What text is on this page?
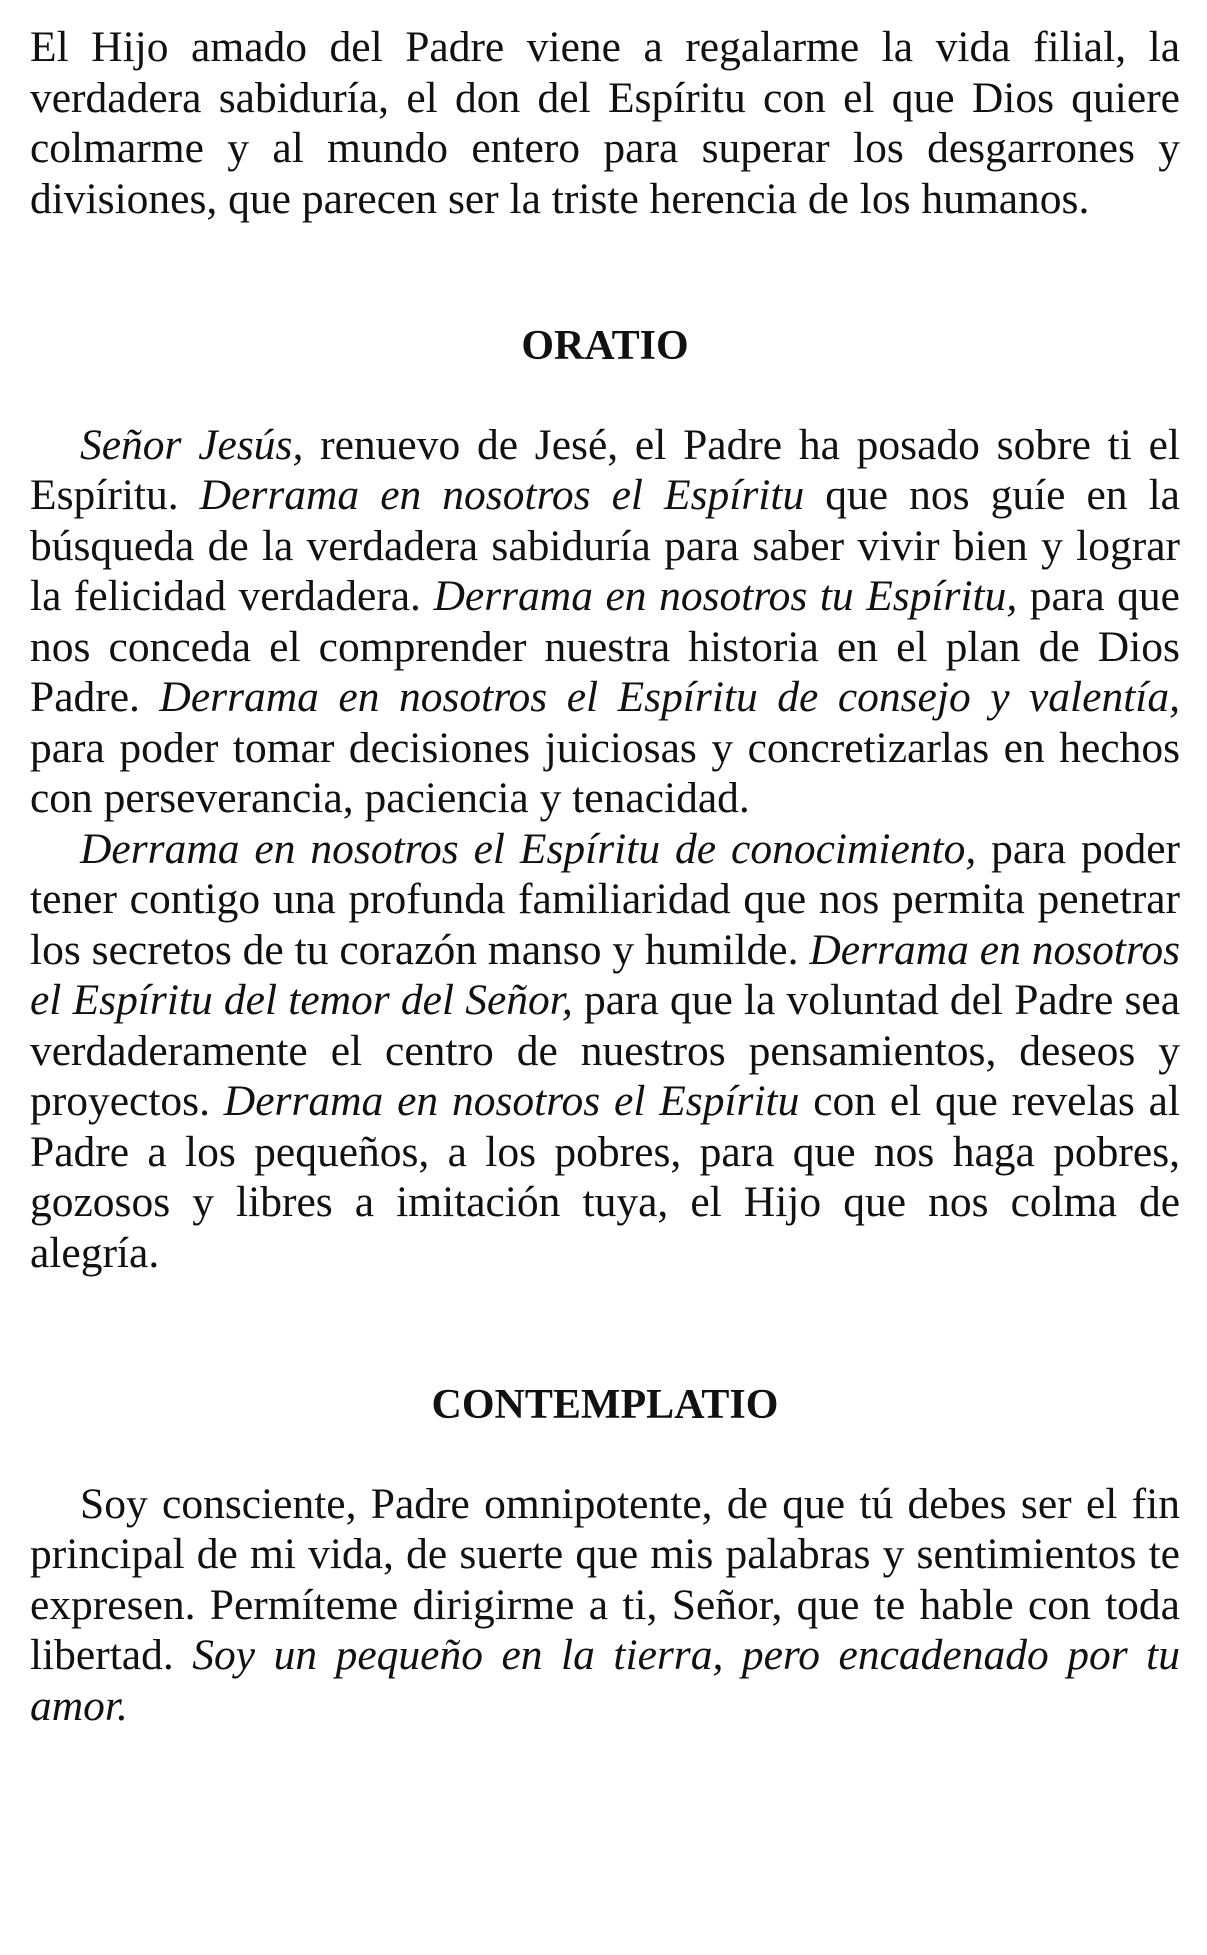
El Hijo amado del Padre viene a regalarme la vida filial, la verdadera sabiduría, el don del Espíritu con el que Dios quiere colmarme y al mundo entero para superar los desgarrones y divisiones, que parecen ser la triste herencia de los humanos.

ORATIO

Señor Jesús, renuevo de Jesé, el Padre ha posado sobre ti el Espíritu. Derrama en nosotros el Espíritu que nos guíe en la búsqueda de la verdadera sabiduría para saber vivir bien y lograr la felicidad verdadera. Derrama en nosotros tu Espíritu, para que nos conceda el comprender nuestra historia en el plan de Dios Padre. Derrama en nosotros el Espíritu de consejo y valentía, para poder tomar decisiones juiciosas y concretizarlas en hechos con perseverancia, paciencia y tenacidad.

Derrama en nosotros el Espíritu de conocimiento, para poder tener contigo una profunda familiaridad que nos permita penetrar los secretos de tu corazón manso y humilde. Derrama en nosotros el Espíritu del temor del Señor, para que la voluntad del Padre sea verdaderamente el centro de nuestros pensamientos, deseos y proyectos. Derrama en nosotros el Espíritu con el que revelas al Padre a los pequeños, a los pobres, para que nos haga pobres, gozosos y libres a imitación tuya, el Hijo que nos colma de alegría.

CONTEMPLATIO

Soy consciente, Padre omnipotente, de que tú debes ser el fin principal de mi vida, de suerte que mis palabras y sentimientos te expresen. Permíteme dirigirme a ti, Señor, que te hable con toda libertad. Soy un pequeño en la tierra, pero encadenado por tu amor.
